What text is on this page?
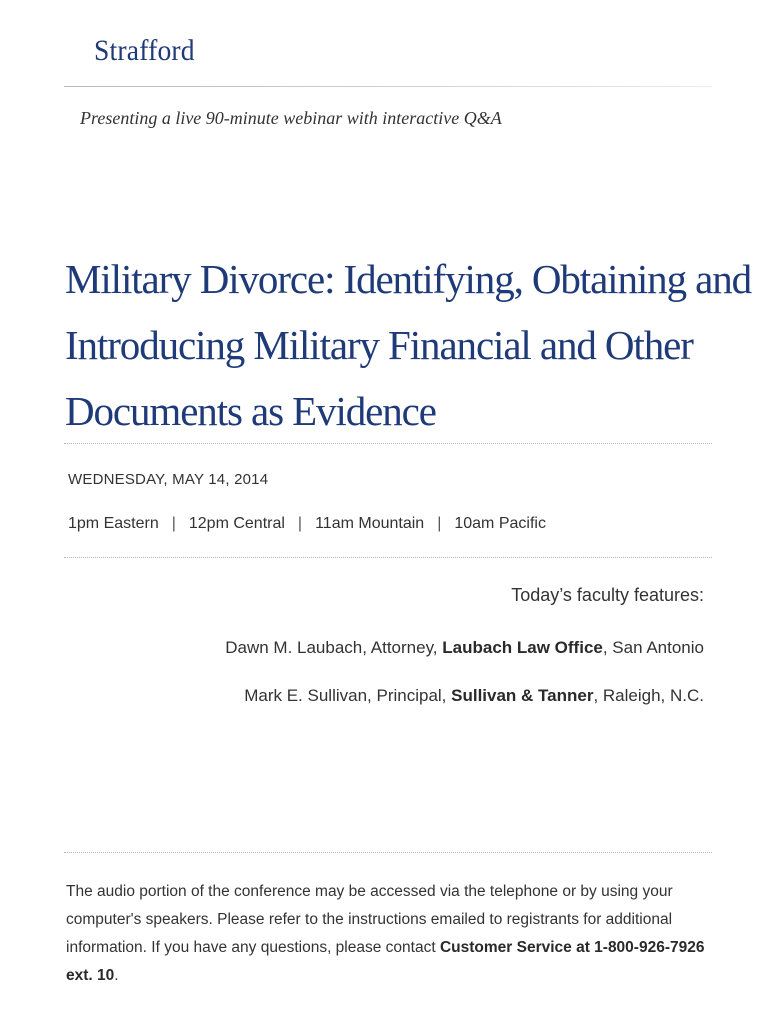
Strafford
Presenting a live 90-minute webinar with interactive Q&A
Military Divorce: Identifying, Obtaining and
Introducing Military Financial and Other
Documents as Evidence
WEDNESDAY, MAY 14, 2014
1pm Eastern | 12pm Central | 11am Mountain | 10am Pacific
Today’s faculty features:
Dawn M. Laubach, Attorney, Laubach Law Office, San Antonio
Mark E. Sullivan, Principal, Sullivan & Tanner, Raleigh, N.C.
The audio portion of the conference may be accessed via the telephone or by using your computer's speakers. Please refer to the instructions emailed to registrants for additional information. If you have any questions, please contact Customer Service at 1-800-926-7926 ext. 10.
